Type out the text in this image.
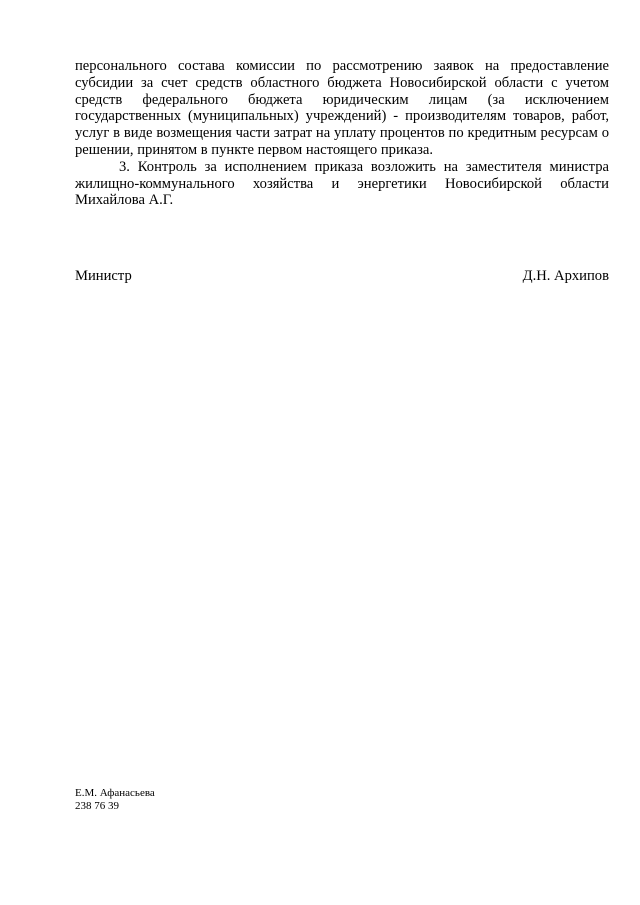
персонального состава комиссии по рассмотрению заявок на предоставление субсидии за счет средств областного бюджета Новосибирской области с учетом средств федерального бюджета юридическим лицам (за исключением государственных (муниципальных) учреждений) - производителям товаров, работ, услуг в виде возмещения части затрат на уплату процентов по кредитным ресурсам о решении, принятом в пункте первом настоящего приказа.

3. Контроль за исполнением приказа возложить на заместителя министра жилищно-коммунального хозяйства и энергетики Новосибирской области Михайлова А.Г.

Министр	Д.Н. Архипов
Е.М. Афанасьева
238 76 39
